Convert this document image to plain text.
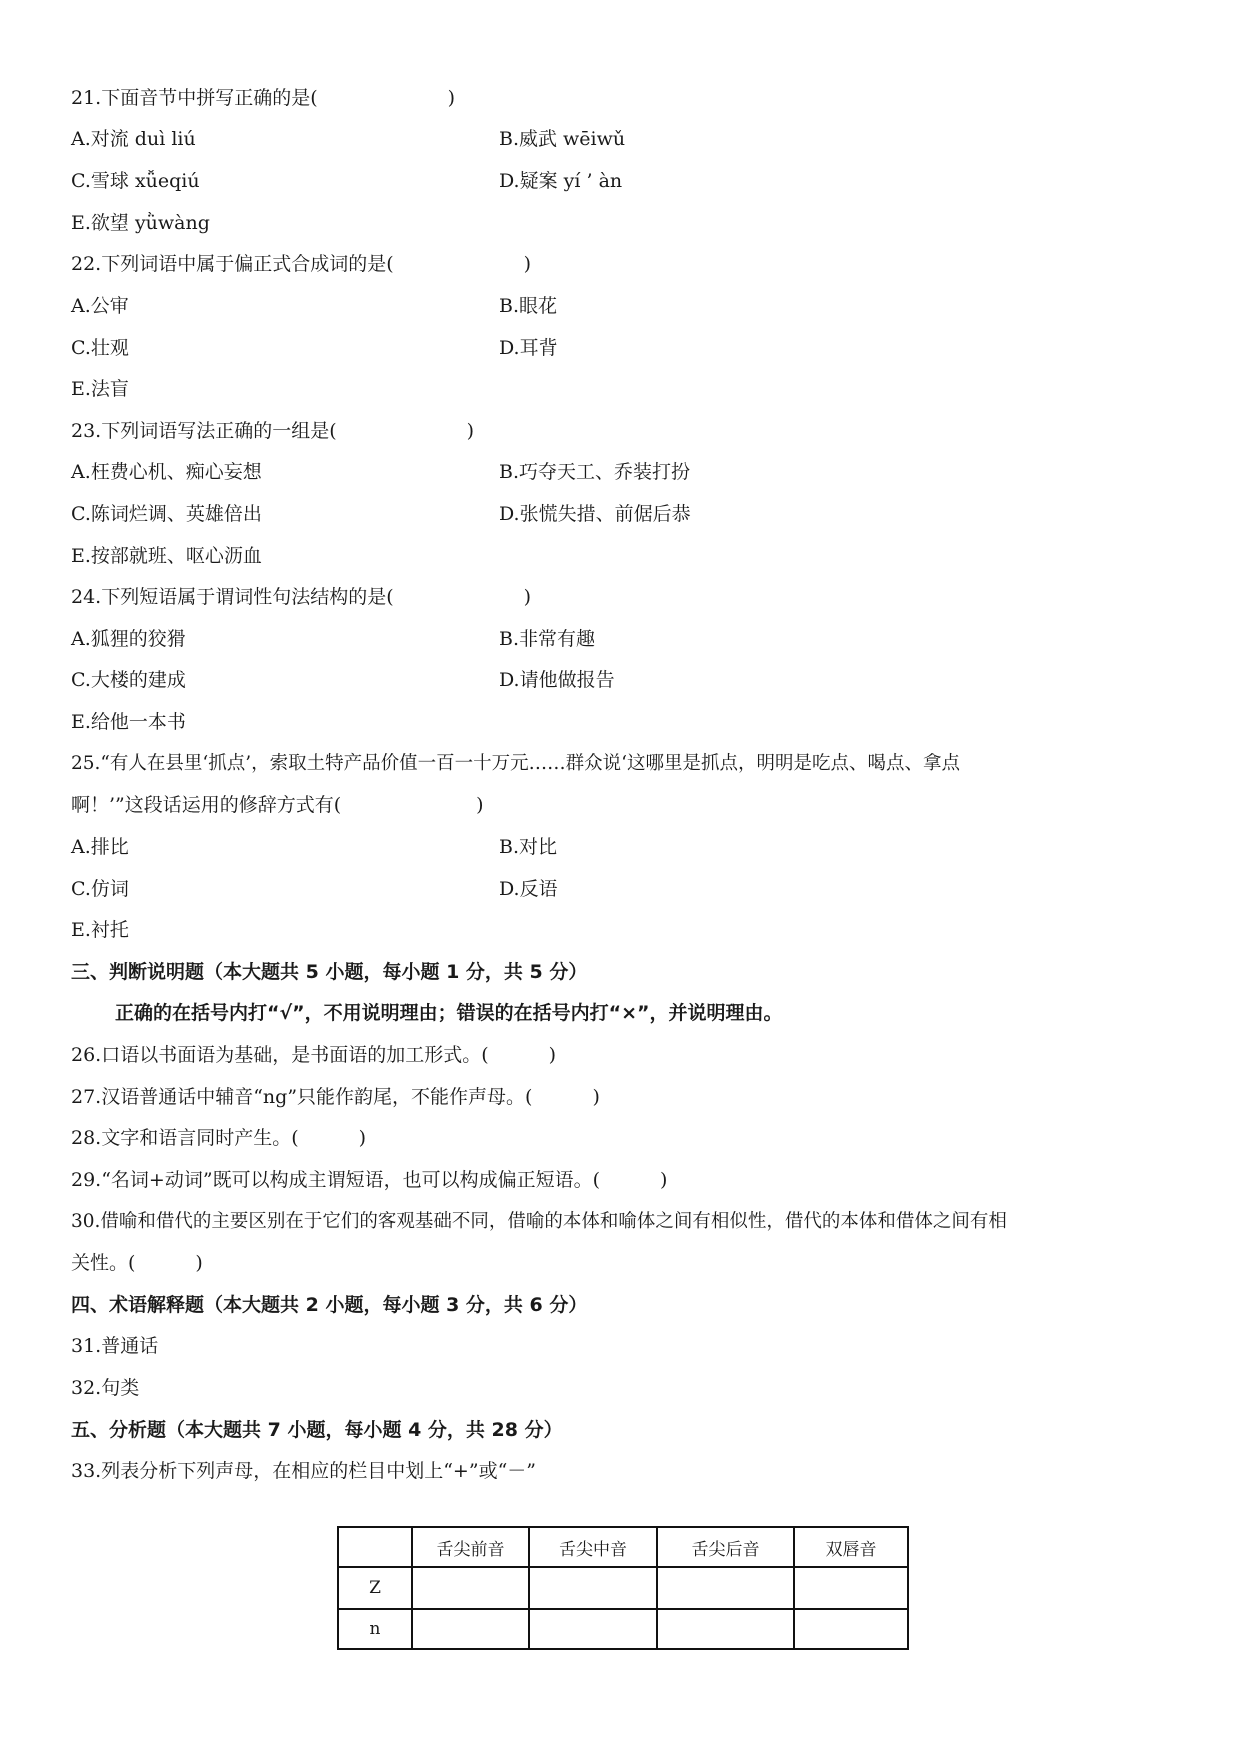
21.下面音节中拼写正确的是(	)
A.对流 duì liú	B.威武 wēiwǔ
C.雪球 xǚeqiú	D.疑案 yí ’ àn
E.欲望 yǜwàng
22.下列词语中属于偏正式合成词的是(	)
A.公审	B.眼花
C.壮观	D.耳背
E.法盲
23.下列词语写法正确的一组是(	)
A.枉费心机、痴心妄想	B.巧夺天工、乔装打扮
C.陈词烂调、英雄倍出	D.张慌失措、前倨后恭
E.按部就班、呕心沥血
24.下列短语属于谓词性句法结构的是(	)
A.狐狸的狡猾	B.非常有趣
C.大楼的建成	D.请他做报告
E.给他一本书
25.“有人在县里‘抓点’，索取土特产品价值一百一十万元……群众说‘这哪里是抓点，明明是吃点、喝点、拿点
啊！’”这段话运用的修辞方式有(	)
A.排比	B.对比
C.仿词	D.反语
E.衬托
三、判断说明题（本大题共 5 小题，每小题 1 分，共 5 分）
正确的在括号内打“√”，不用说明理由；错误的在括号内打“×”，并说明理由。
26.口语以书面语为基础，是书面语的加工形式。(	)
27.汉语普通话中辅音“ng”只能作韵尾，不能作声母。(	)
28.文字和语言同时产生。(	)
29.“名词+动词”既可以构成主谓短语，也可以构成偏正短语。(	)
30.借喻和借代的主要区别在于它们的客观基础不同，借喻的本体和喻体之间有相似性，借代的本体和借体之间有相
关性。(	)
四、术语解释题（本大题共 2 小题，每小题 3 分，共 6 分）
31.普通话
32.句类
五、分析题（本大题共 7 小题，每小题 4 分，共 28 分）
33.列表分析下列声母，在相应的栏目中划上“+”或“－”
	舌尖前音	舌尖中音	舌尖后音	双唇音
Z				
n				
